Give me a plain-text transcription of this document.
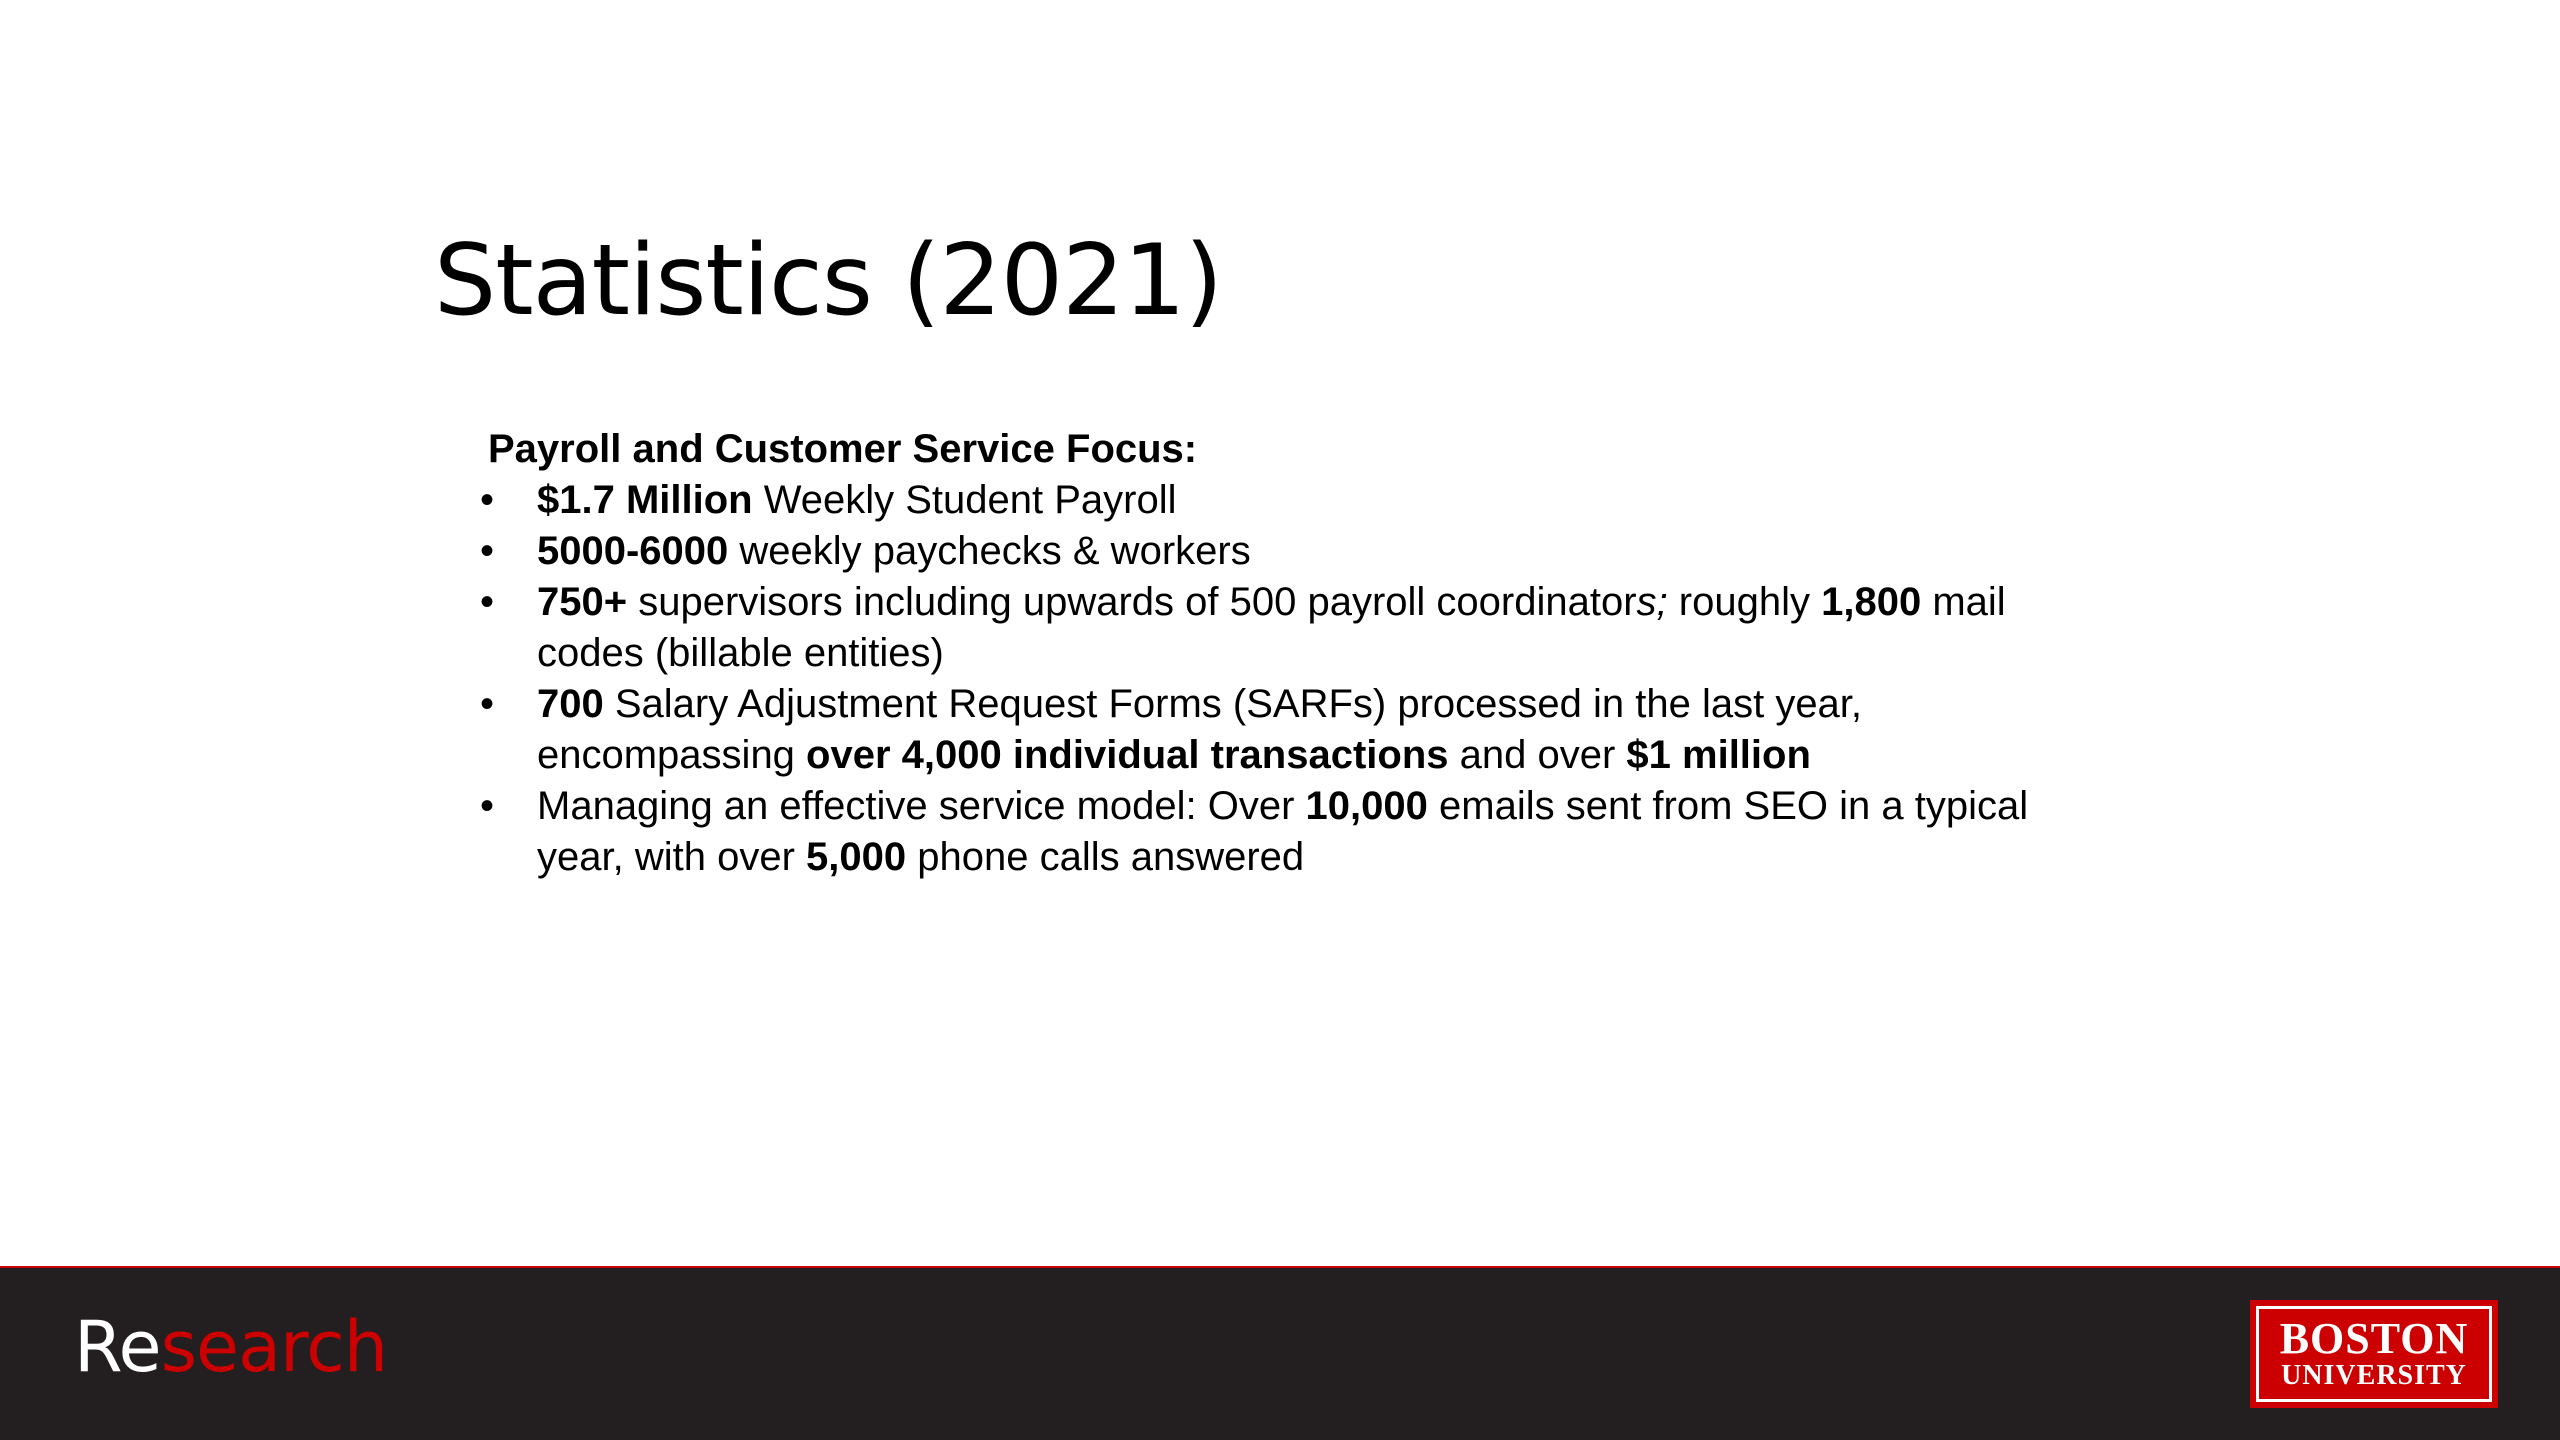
Statistics (2021)

Payroll and Customer Service Focus:

• $1.7 Million Weekly Student Payroll
• 5000-6000 weekly paychecks & workers
• 750+ supervisors including upwards of 500 payroll coordinators; roughly 1,800 mail codes (billable entities)
• 700 Salary Adjustment Request Forms (SARFs) processed in the last year, encompassing over 4,000 individual transactions and over $1 million
• Managing an effective service model: Over 10,000 emails sent from SEO in a typical year, with over 5,000 phone calls answered
Research	BOSTON
UNIVERSITY
